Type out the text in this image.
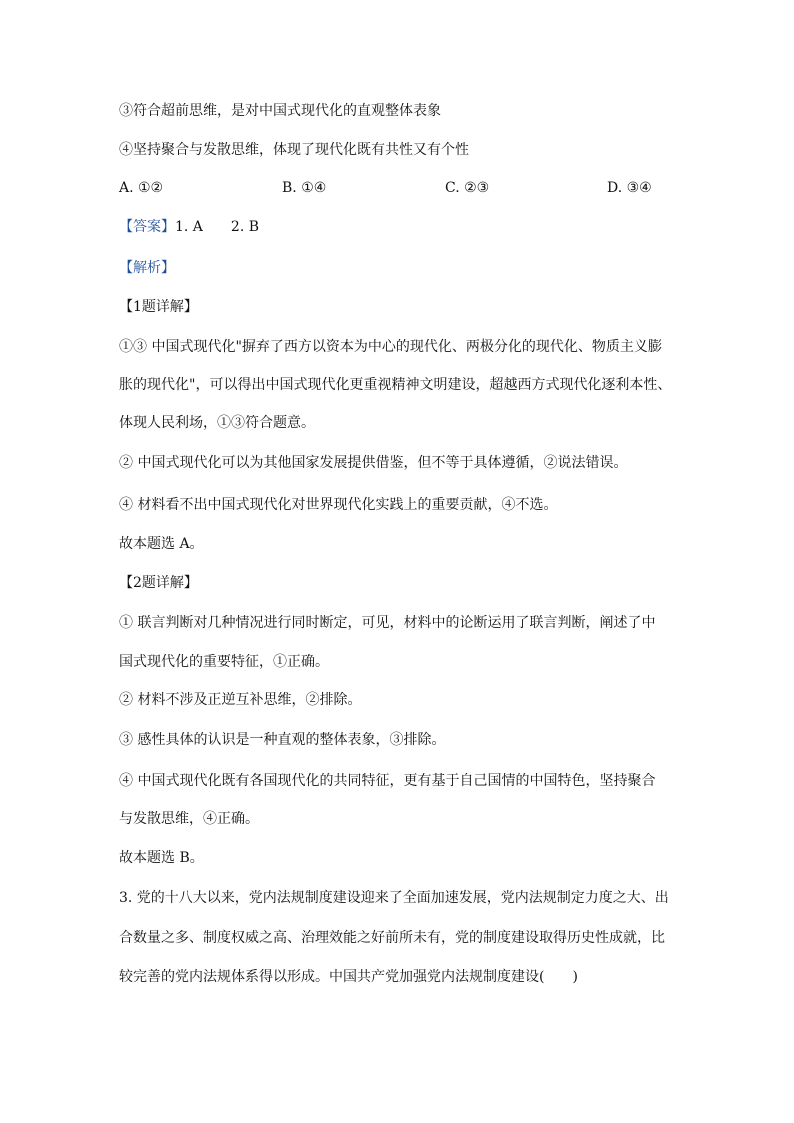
③符合超前思维，是对中国式现代化的直观整体表象
④坚持聚合与发散思维，体现了现代化既有共性又有个性
A. ①②	B. ①④	C. ②③	D. ③④
【答案】1. A　　2. B
【解析】
【1题详解】
①③ 中国式现代化"摒弃了西方以资本为中心的现代化、两极分化的现代化、物质主义膨
胀的现代化"，可以得出中国式现代化更重视精神文明建设，超越西方式现代化逐利本性、
体现人民利场，①③符合题意。
② 中国式现代化可以为其他国家发展提供借鉴，但不等于具体遵循，②说法错误。
④ 材料看不出中国式现代化对世界现代化实践上的重要贡献，④不选。
故本题选 A。
【2题详解】
① 联言判断对几种情况进行同时断定，可见，材料中的论断运用了联言判断，阐述了中
国式现代化的重要特征，①正确。
② 材料不涉及正逆互补思维，②排除。
③ 感性具体的认识是一种直观的整体表象，③排除。
④ 中国式现代化既有各国现代化的共同特征，更有基于自己国情的中国特色，坚持聚合
与发散思维，④正确。
故本题选 B。
3. 党的十八大以来，党内法规制度建设迎来了全面加速发展，党内法规制定力度之大、出
合数量之多、制度权威之高、治理效能之好前所未有，党的制度建设取得历史性成就，比
较完善的党内法规体系得以形成。中国共产党加强党内法规制度建设(　　)
